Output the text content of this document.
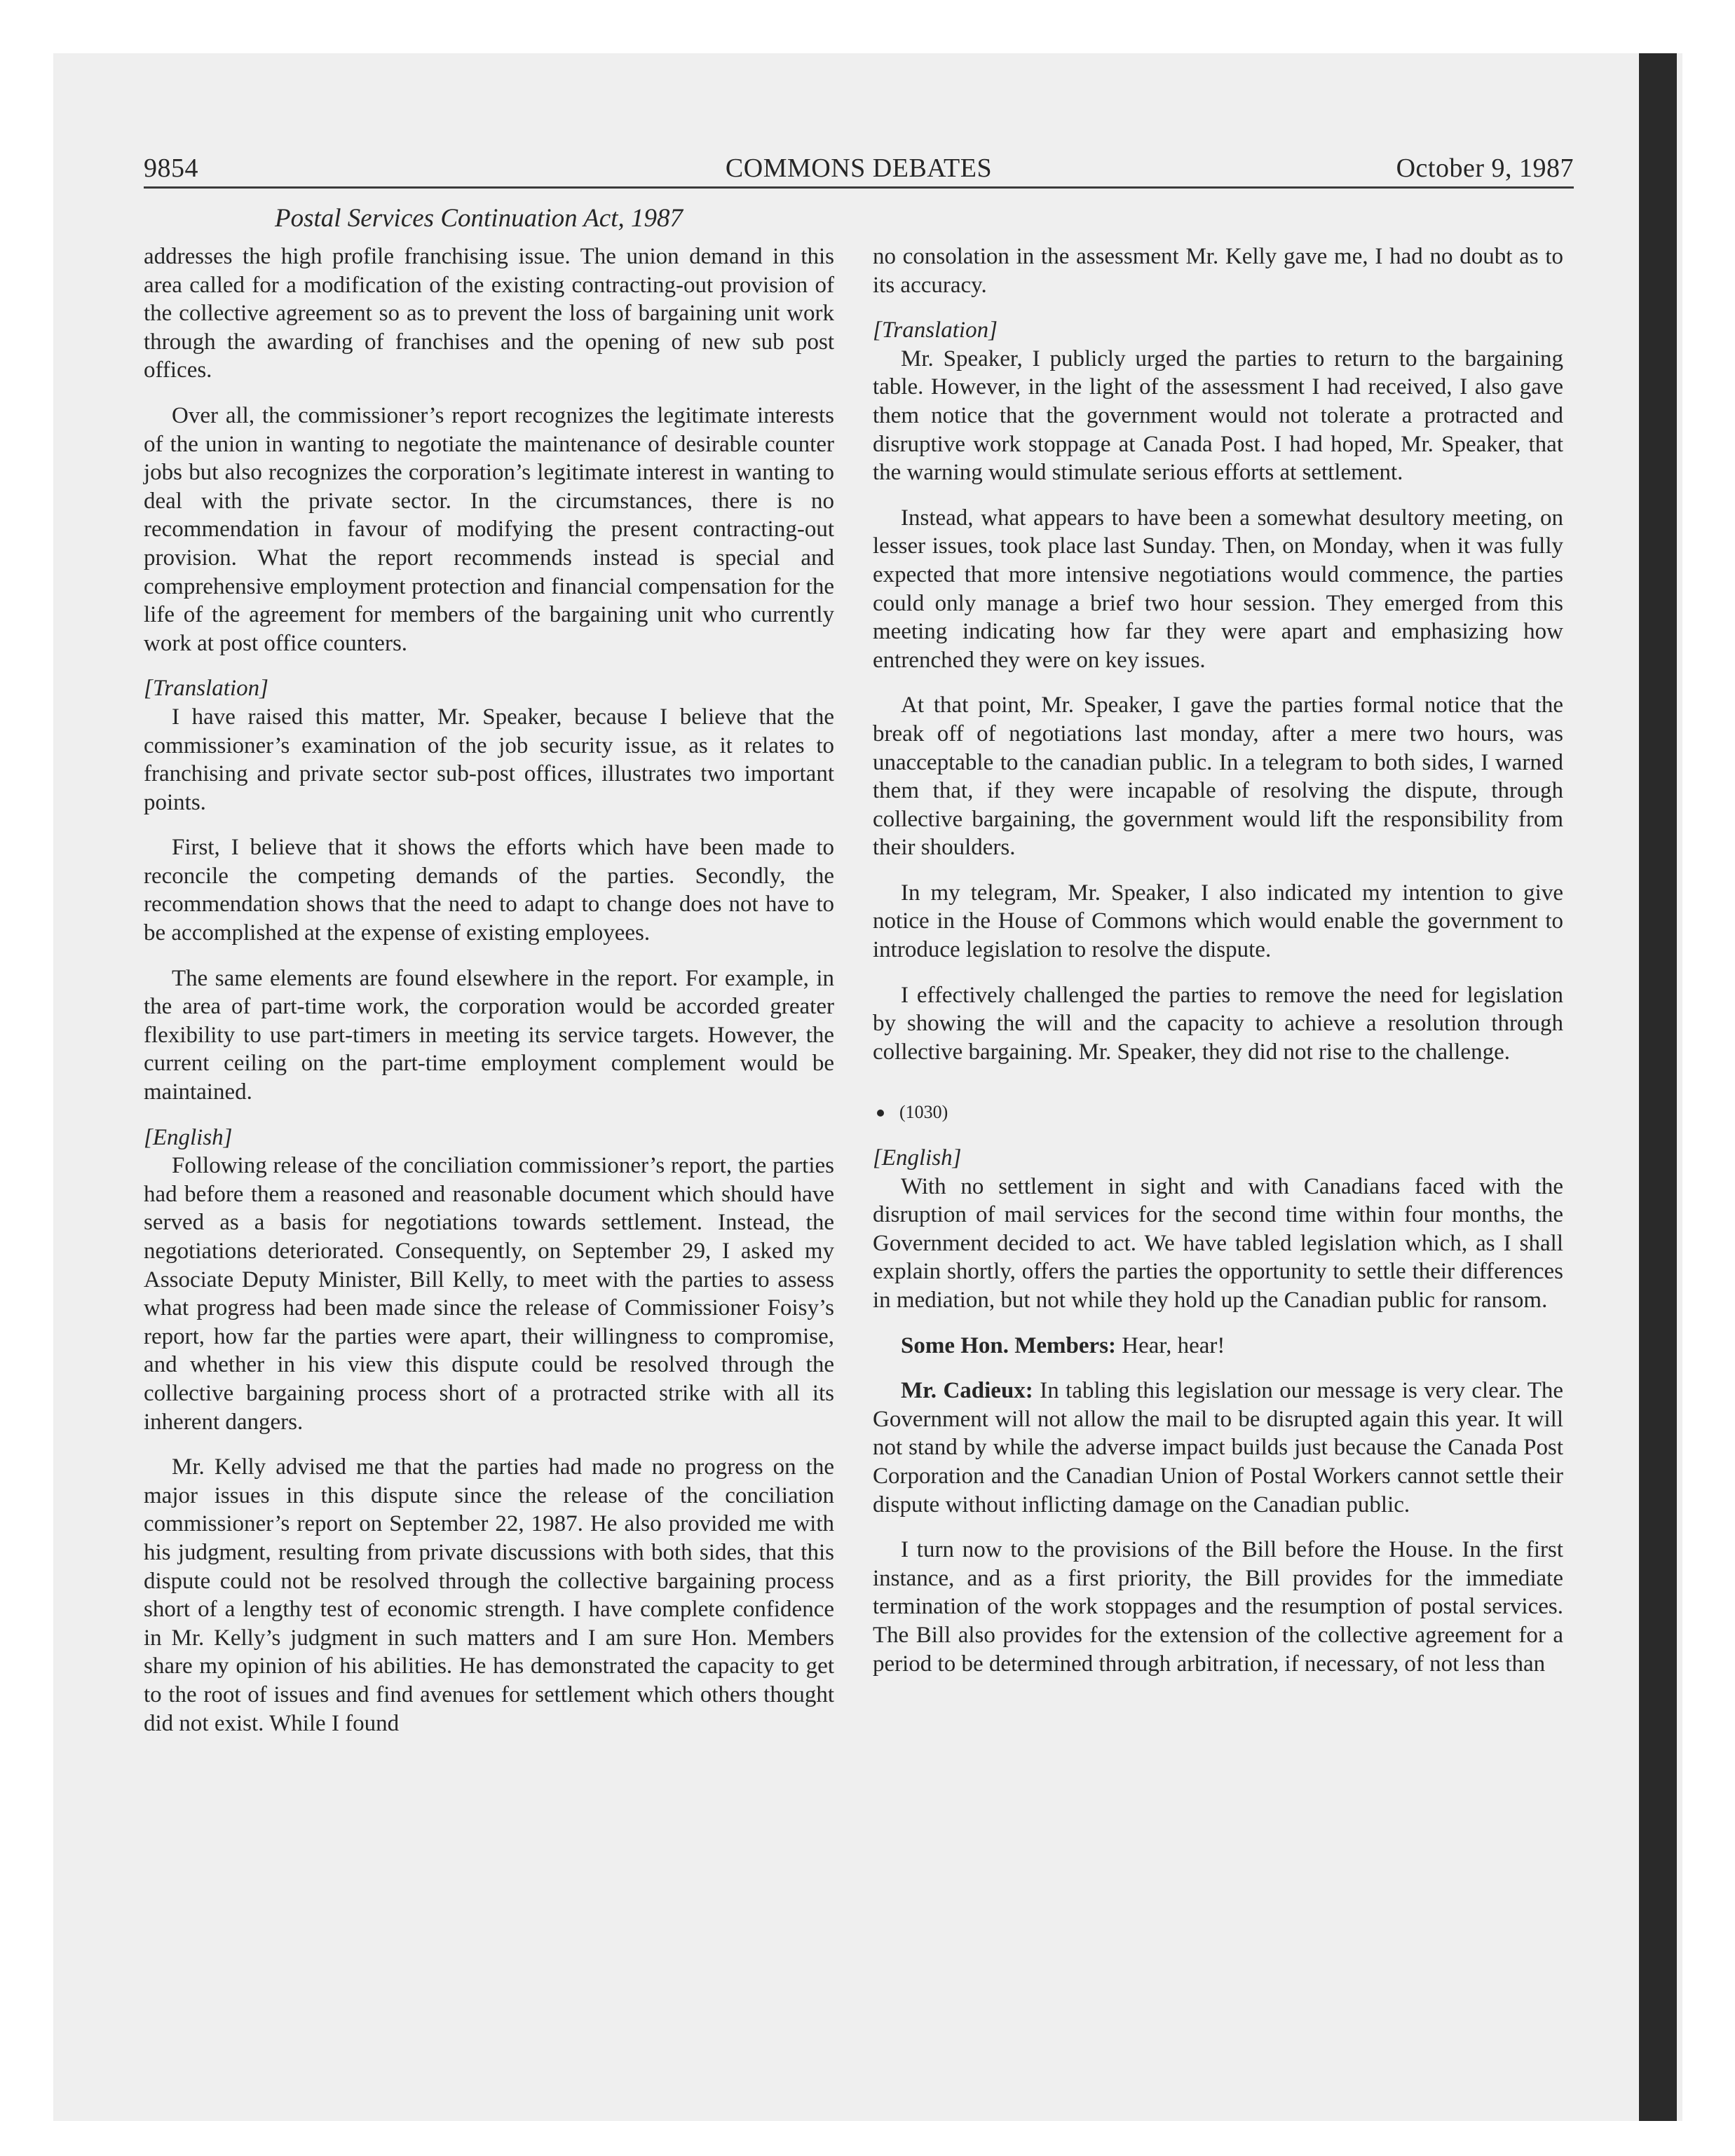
9854	COMMONS DEBATES	October 9, 1987
Postal Services Continuation Act, 1987

addresses the high profile franchising issue. The union demand in this area called for a modification of the existing contracting-out provision of the collective agreement so as to prevent the loss of bargaining unit work through the awarding of franchises and the opening of new sub post offices.

Over all, the commissioner’s report recognizes the legitimate interests of the union in wanting to negotiate the maintenance of desirable counter jobs but also recognizes the corporation’s legitimate interest in wanting to deal with the private sector. In the circumstances, there is no recommendation in favour of modifying the present contracting-out provision. What the report recommends instead is special and comprehensive employment protection and financial compensation for the life of the agreement for members of the bargaining unit who currently work at post office counters.

[Translation]

I have raised this matter, Mr. Speaker, because I believe that the commissioner’s examination of the job security issue, as it relates to franchising and private sector sub-post offices, illustrates two important points.

First, I believe that it shows the efforts which have been made to reconcile the competing demands of the parties. Secondly, the recommendation shows that the need to adapt to change does not have to be accomplished at the expense of existing employees.

The same elements are found elsewhere in the report. For example, in the area of part-time work, the corporation would be accorded greater flexibility to use part-timers in meeting its service targets. However, the current ceiling on the part-time employment complement would be maintained.

[English]

Following release of the conciliation commissioner’s report, the parties had before them a reasoned and reasonable document which should have served as a basis for negotiations towards settlement. Instead, the negotiations deteriorated. Consequently, on September 29, I asked my Associate Deputy Minister, Bill Kelly, to meet with the parties to assess what progress had been made since the release of Commissioner Foisy’s report, how far the parties were apart, their willingness to compromise, and whether in his view this dispute could be resolved through the collective bargaining process short of a protracted strike with all its inherent dangers.

Mr. Kelly advised me that the parties had made no progress on the major issues in this dispute since the release of the conciliation commissioner’s report on September 22, 1987. He also provided me with his judgment, resulting from private discussions with both sides, that this dispute could not be resolved through the collective bargaining process short of a lengthy test of economic strength. I have complete confidence in Mr. Kelly’s judgment in such matters and I am sure Hon. Members share my opinion of his abilities. He has demonstrated the capacity to get to the root of issues and find avenues for settlement which others thought did not exist. While I found

no consolation in the assessment Mr. Kelly gave me, I had no doubt as to its accuracy.

[Translation]

Mr. Speaker, I publicly urged the parties to return to the bargaining table. However, in the light of the assessment I had received, I also gave them notice that the government would not tolerate a protracted and disruptive work stoppage at Canada Post. I had hoped, Mr. Speaker, that the warning would stimulate serious efforts at settlement.

Instead, what appears to have been a somewhat desultory meeting, on lesser issues, took place last Sunday. Then, on Monday, when it was fully expected that more intensive negotiations would commence, the parties could only manage a brief two hour session. They emerged from this meeting indicating how far they were apart and emphasizing how entrenched they were on key issues.

At that point, Mr. Speaker, I gave the parties formal notice that the break off of negotiations last monday, after a mere two hours, was unacceptable to the canadian public. In a telegram to both sides, I warned them that, if they were incapable of resolving the dispute, through collective bargaining, the government would lift the responsibility from their shoulders.

In my telegram, Mr. Speaker, I also indicated my intention to give notice in the House of Commons which would enable the government to introduce legislation to resolve the dispute.

I effectively challenged the parties to remove the need for legislation by showing the will and the capacity to achieve a resolution through collective bargaining. Mr. Speaker, they did not rise to the challenge.

(1030)

[English]

With no settlement in sight and with Canadians faced with the disruption of mail services for the second time within four months, the Government decided to act. We have tabled legislation which, as I shall explain shortly, offers the parties the opportunity to settle their differences in mediation, but not while they hold up the Canadian public for ransom.

Some Hon. Members: Hear, hear!

Mr. Cadieux: In tabling this legislation our message is very clear. The Government will not allow the mail to be disrupted again this year. It will not stand by while the adverse impact builds just because the Canada Post Corporation and the Canadian Union of Postal Workers cannot settle their dispute without inflicting damage on the Canadian public.

I turn now to the provisions of the Bill before the House. In the first instance, and as a first priority, the Bill provides for the immediate termination of the work stoppages and the resumption of postal services. The Bill also provides for the extension of the collective agreement for a period to be determined through arbitration, if necessary, of not less than
